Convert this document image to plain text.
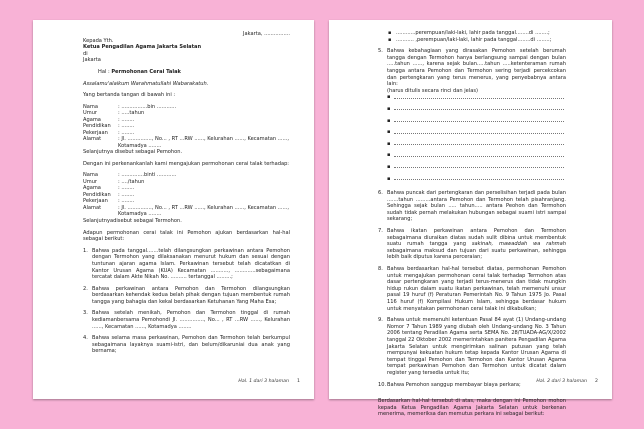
Jakarta, ................
Kepada Yth.
Ketua Pengadilan Agama Jakarta Selatan
di
Jakarta
Hal : Permohonan Cerai Talak
Assalamu'alaikum Warahmatullahi Wabarakatuh.
Yang bertanda tangan di bawah ini :
Nama	: ................bin ............
Umur	: .....tahun
Agama	: ........
Pendidikan	: ........
Pekerjaan	: ........
Alamat	: Jl. ..............., No... , RT ...RW ......, Kelurahan ......, Kecamatan ......, Kotamadya ........
Selanjutnya disebut sebagai Pemohon.
Dengan ini perkenankanlah kami mengajukan permohonan cerai talak terhadap:
Nama	: ..............binti ............
Umur	: ..../tahun
Agama	: ........
Pendidikan	: ........
Pekerjaan	: ........
Alamat	: Jl. ..............., No... , RT ...RW ......, Kelurahan ......, Kecamatan ......, Kotamadya ........
Selanjutnyadisebut sebagai Termohon.
Adapun permohonan cerai talak ini Pemohon ajukan berdasarkan hal-hal sebagai berikut:
1. Bahwa pada tanggal.......telah dilangsungkan perkawinan antara Pemohon dengan Termohon yang dilaksanakan menurut hukum dan sesuai dengan tuntunan ajaran agama Islam. Perkawinan tersebut telah dicatatkan di Kantor Urusan Agama (KUA) Kecamatan ..........., .............sebagaimana tercatat dalam Akte Nikah No. .......... tertanggal .........;
2. Bahwa perkawinan antara Pemohon dan Termohon dilangsungkan berdasarkan kehendak kedua belah pihak dengan tujuan membentuk rumah tangga yang bahagia dan kekal berdasarkan Ketuhanan Yang Maha Esa;
3. Bahwa setelah menikah, Pemohon dan Termohon tinggal di rumah kediamanbersama Pemohondi Jl. ..............., No... , RT ...RW ......, Kelurahan ......, Kecamatan ......, Kotamadya ........
4. Bahwa selama masa perkawinan, Pemohon dan Termohon telah berkumpul sebagaimana layaknya suami-istri, dan belum/dikaruniai dua anak yang bernama;
Hal. 1 dari 3 halaman 1
▪ ............perempuan/laki-laki, lahir pada tanggal........di ........;
▪ ........... ,perempuan/laki-laki, lahir pada tanggal........di ........;
5. Bahwa kebahagiaan yang dirasakan Pemohon setelah berumah tangga dengan Termohon hanya berlangsung sampai dengan bulan .....tahun ......, karena sejak bulan.....tahun .....ketenteraman rumah tangga antara Pemohon dan Termohon sering terjadi percekcokan dan pertengkaran yang terus menerus, yang penyebabnya antara lain:
(harus ditulis secara rinci dan jelas)
▪
▪
▪
▪
▪
▪
▪
▪
6. Bahwa puncak dari pertengkaran dan perselisihan terjadi pada bulan .......tahun .........antara Pemohon dan Termohon telah pisahranjang. Sehingga sejak bulan ..... tahun..... antara Peohon dan Termohon sudah tidak pernah melakukan hubungan sebagai suami istri sampai sekarang;
7. Bahwa ikatan perkawinan antara Pemohon dan Termohon sebagaimana diuraikan diatas sudah sulit dibina untuk membentuk suatu rumah tangga yang sakinah, mawaddah wa rahmah sebagaimana maksud dan tujuan dari suatu perkawinan, sehingga lebih baik diputus karena perceraian;
8. Bahwa berdasarkan hal-hal tersebut diatas, permohonan Pemohon untuk mengajukan permohonan cerai talak terhadap Termohon atas dasar pertengkaran yang terjadi terus-menerus dan tidak mungkin hidup rukun dalam suatu ikatan perkawinan, telah memenuhi unsur pasal 19 huruf (f) Peraturan Pemerintah No. 9 Tahun 1975 Jo. Pasal 116 huruf (f) Kompilasi Hukum Islam, sehingga berdasar hukum untuk menyatakan permohonan cerai talak ini dikabulkan;
9. Bahwa untuk memenuhi ketentuan Pasal 84 ayat (1) Undang-undang Nomor 7 Tahun 1989 yang diubah oleh Undang-undang No. 3 Tahun 2006 tentang Peradilan Agama serta SEMA No. 28/TUADA-AG/X/2002 tanggal 22 Oktober 2002 memerintahkan panitera Pengadilan Agama Jakarta Selatan untuk mengirimkan salinan putusan yang telah mempunyai kekuatan hukum tetap kepada Kantor Urusan Agama di tempat tinggal Pemohon dan Termohon dan Kantor Urusan Agama tempat perkawinan Pemohon dan Termohon untuk dicatat dalam register yang tersedia untuk itu;
10. Bahwa Pemohon sanggup membayar biaya perkara;
Berdasarkan hal-hal tersebut di atas, maka dengan ini Pemohon mohon kepada Ketua Pengadilan Agama Jakarta Selatan untuk berkenan menerima, memeriksa dan memutus perkara ini sebagai berikut:
Hal. 2 dari 3 halaman 2
